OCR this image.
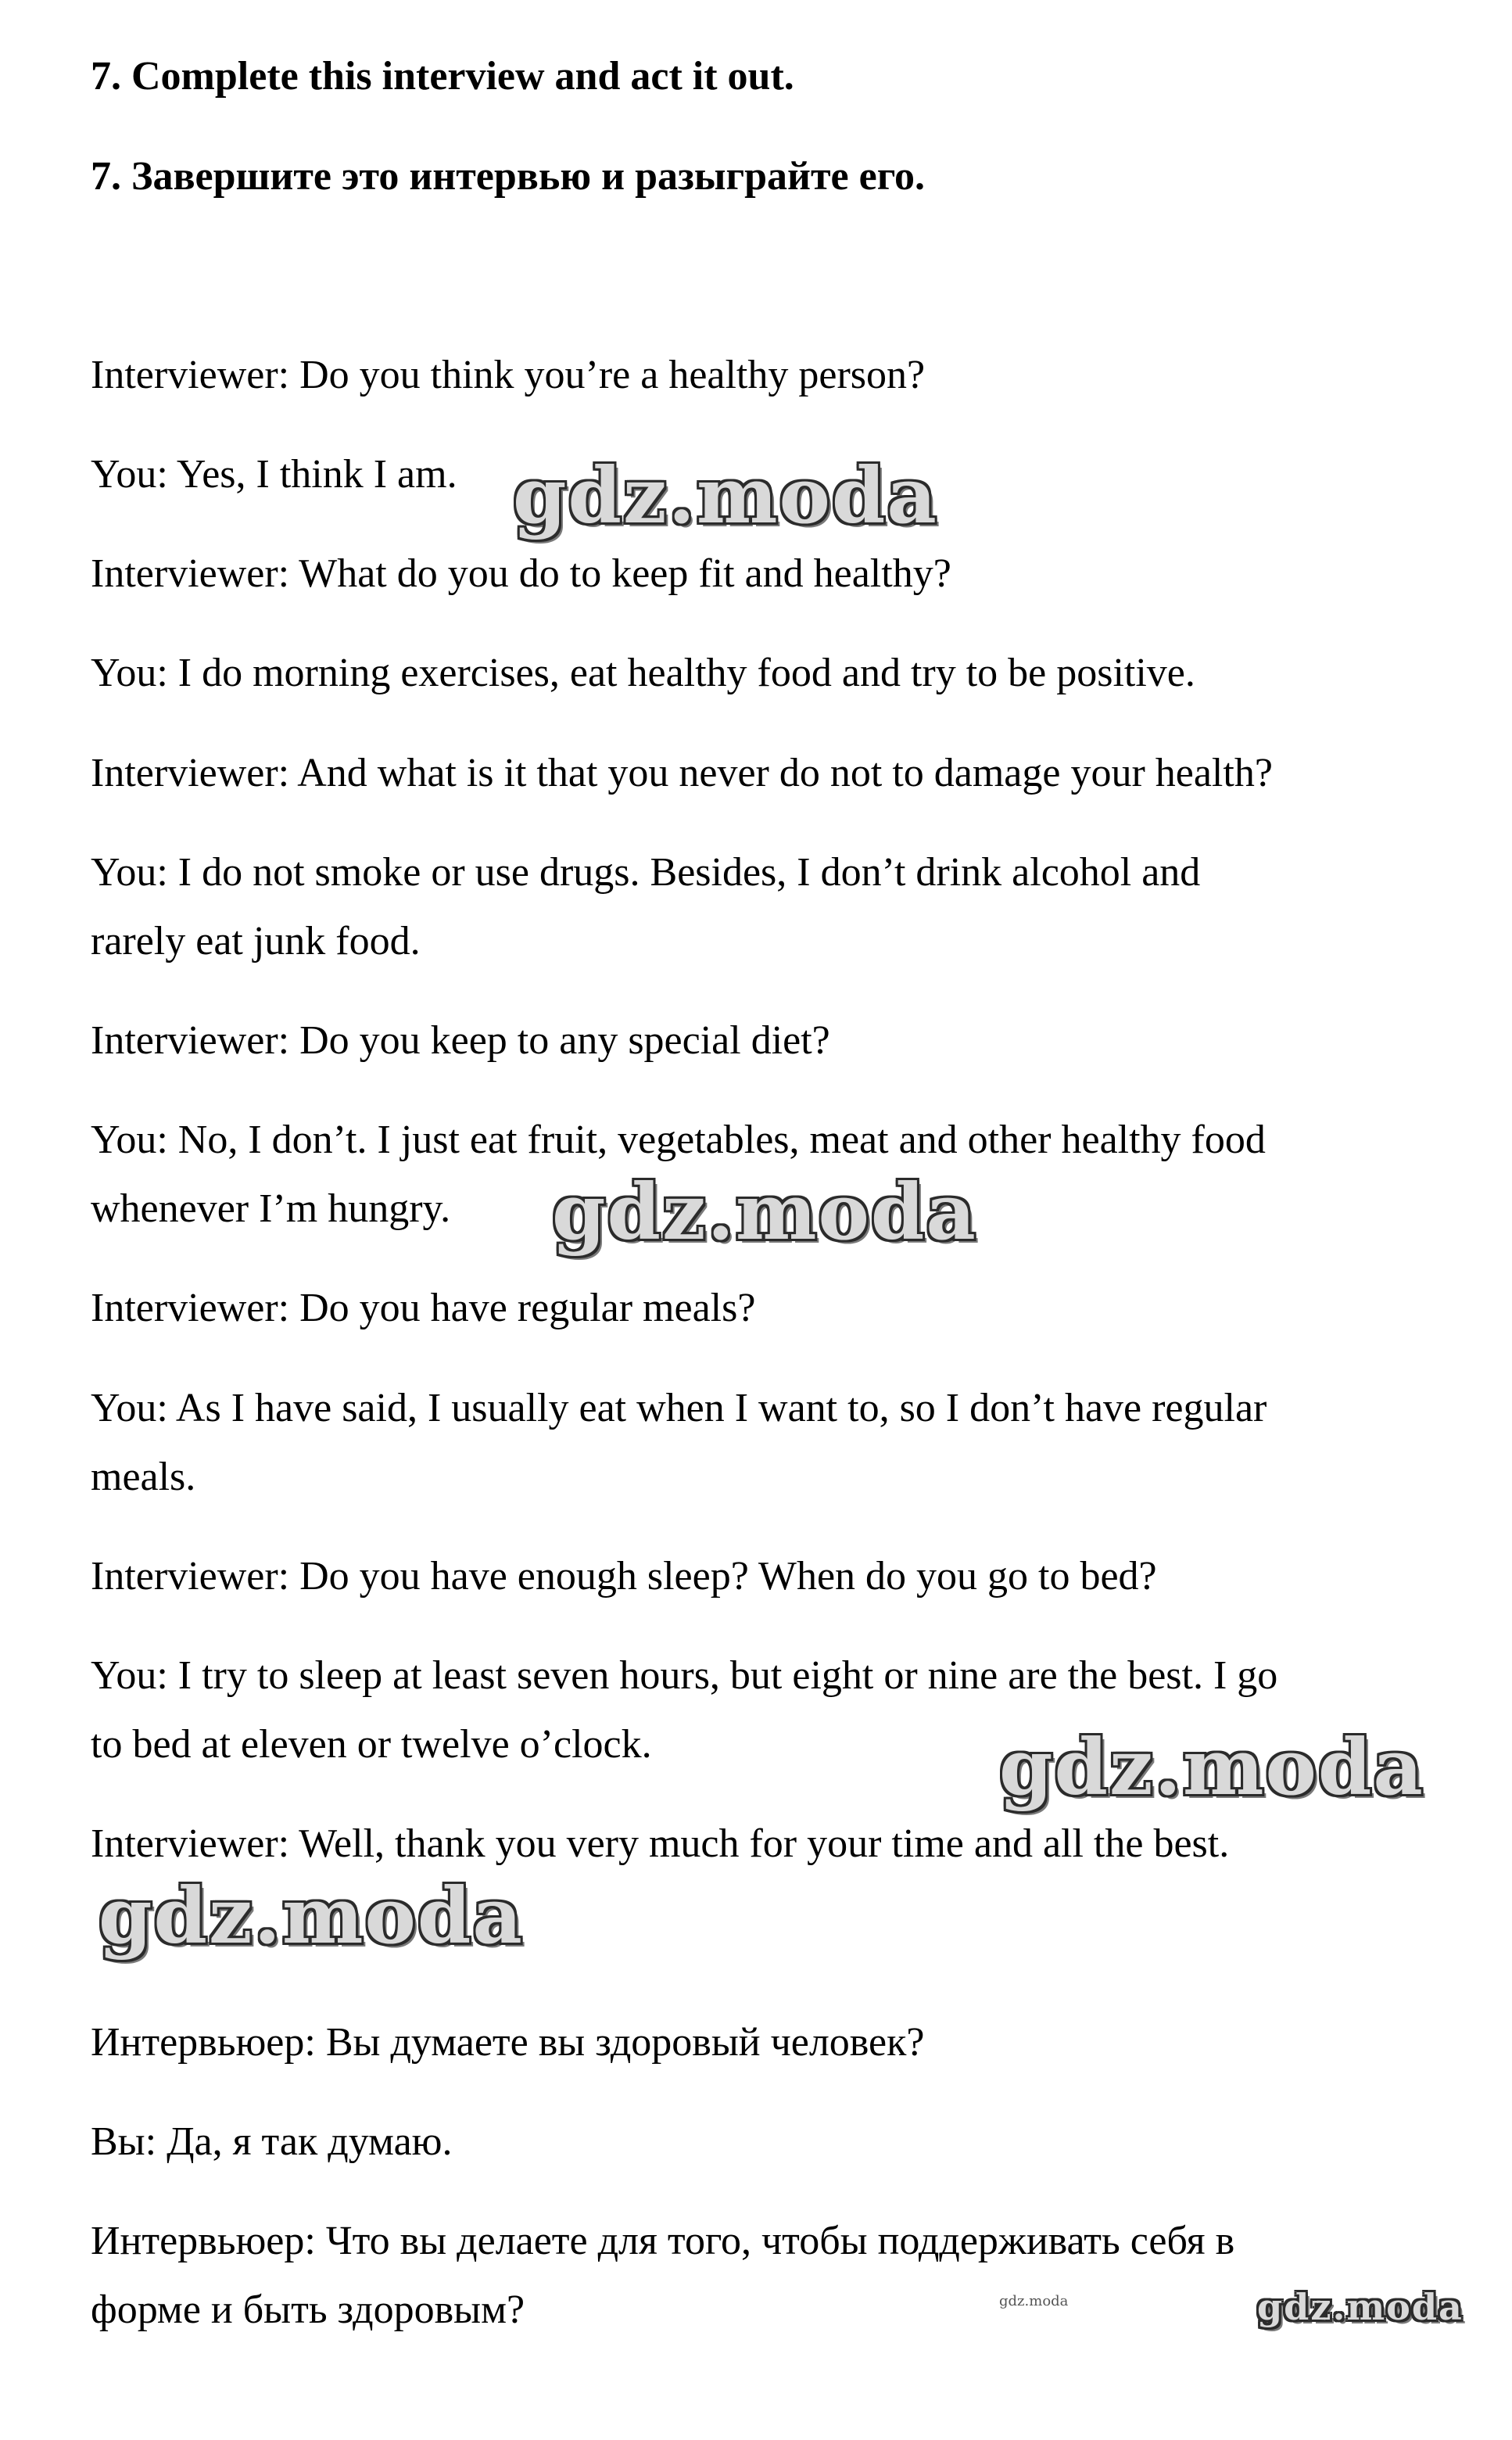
7. Complete this interview and act it out.
7. Завершите это интервью и разыграйте его.

Interviewer: Do you think you’re a healthy person?

You: Yes, I think I am.

Interviewer: What do you do to keep fit and healthy?

You: I do morning exercises, eat healthy food and try to be positive.

Interviewer: And what is it that you never do not to damage your health?

You: I do not smoke or use drugs. Besides, I don’t drink alcohol and

rarely eat junk food.

Interviewer: Do you keep to any special diet?

You: No, I don’t. I just eat fruit, vegetables, meat and other healthy food

whenever I’m hungry.

Interviewer: Do you have regular meals?

You: As I have said, I usually eat when I want to, so I don’t have regular

meals.

Interviewer: Do you have enough sleep? When do you go to bed?

You: I try to sleep at least seven hours, but eight or nine are the best. I go

to bed at eleven or twelve o’clock.

Interviewer: Well, thank you very much for your time and all the best.

Интервьюер: Вы думаете вы здоровый человек?

Вы: Да, я так думаю.

Интервьюер: Что вы делаете для того, чтобы поддерживать себя в

форме и быть здоровым?

gdz.moda
gdz.moda
gdz.moda
gdz.moda
gdz.moda
gdz.moda
